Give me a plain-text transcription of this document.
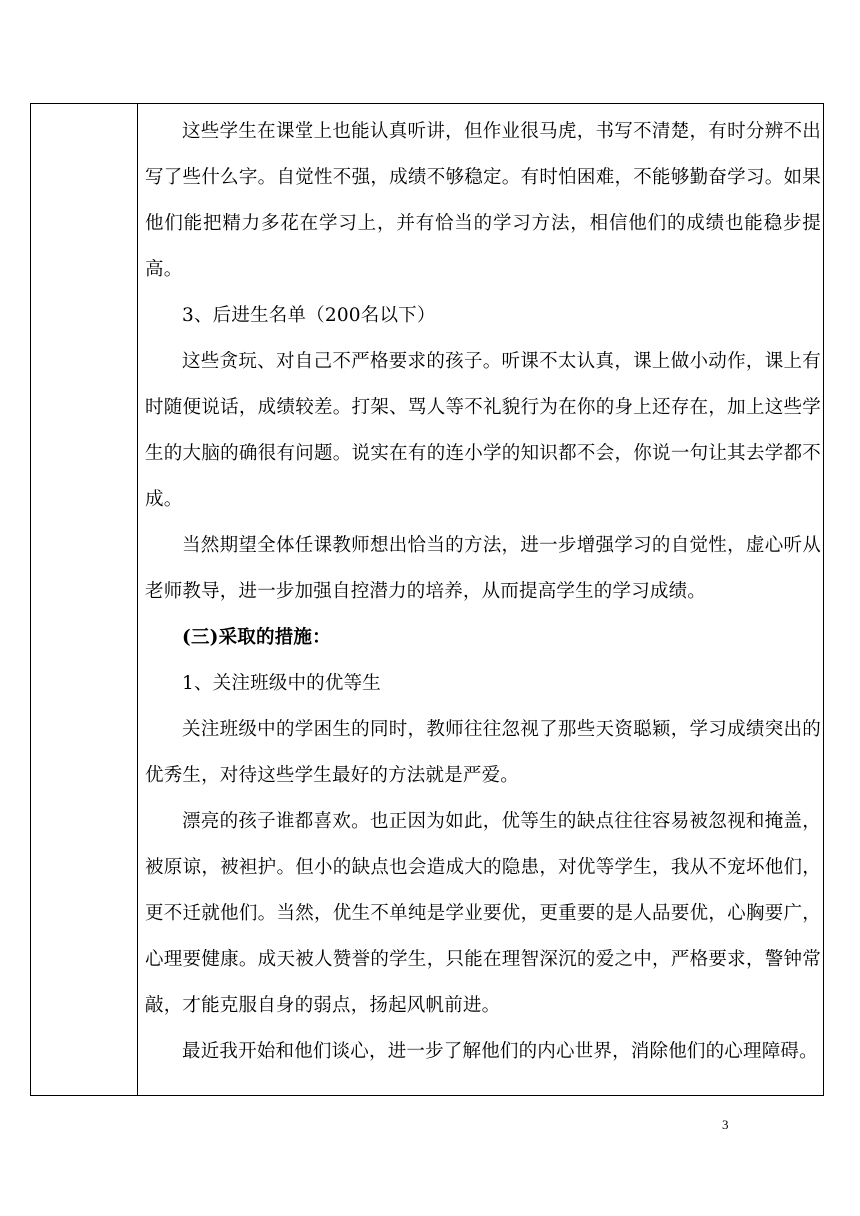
这些学生在课堂上也能认真听讲，但作业很马虎，书写不清楚，有时分辨不出写了些什么字。自觉性不强，成绩不够稳定。有时怕困难，不能够勤奋学习。如果他们能把精力多花在学习上，并有恰当的学习方法，相信他们的成绩也能稳步提高。

3、后进生名单（200名以下）

这些贪玩、对自己不严格要求的孩子。听课不太认真，课上做小动作，课上有时随便说话，成绩较差。打架、骂人等不礼貌行为在你的身上还存在，加上这些学生的大脑的确很有问题。说实在有的连小学的知识都不会，你说一句让其去学都不成。

当然期望全体任课教师想出恰当的方法，进一步增强学习的自觉性，虚心听从老师教导，进一步加强自控潜力的培养，从而提高学生的学习成绩。

(三)采取的措施：

1、关注班级中的优等生

关注班级中的学困生的同时，教师往往忽视了那些天资聪颖，学习成绩突出的优秀生，对待这些学生最好的方法就是严爱。

漂亮的孩子谁都喜欢。也正因为如此，优等生的缺点往往容易被忽视和掩盖，被原谅，被袒护。但小的缺点也会造成大的隐患，对优等学生，我从不宠坏他们，更不迁就他们。当然，优生不单纯是学业要优，更重要的是人品要优，心胸要广，心理要健康。成天被人赞誉的学生，只能在理智深沉的爱之中，严格要求，警钟常敲，才能克服自身的弱点，扬起风帆前进。

最近我开始和他们谈心，进一步了解他们的内心世界，消除他们的心理障碍。

3
